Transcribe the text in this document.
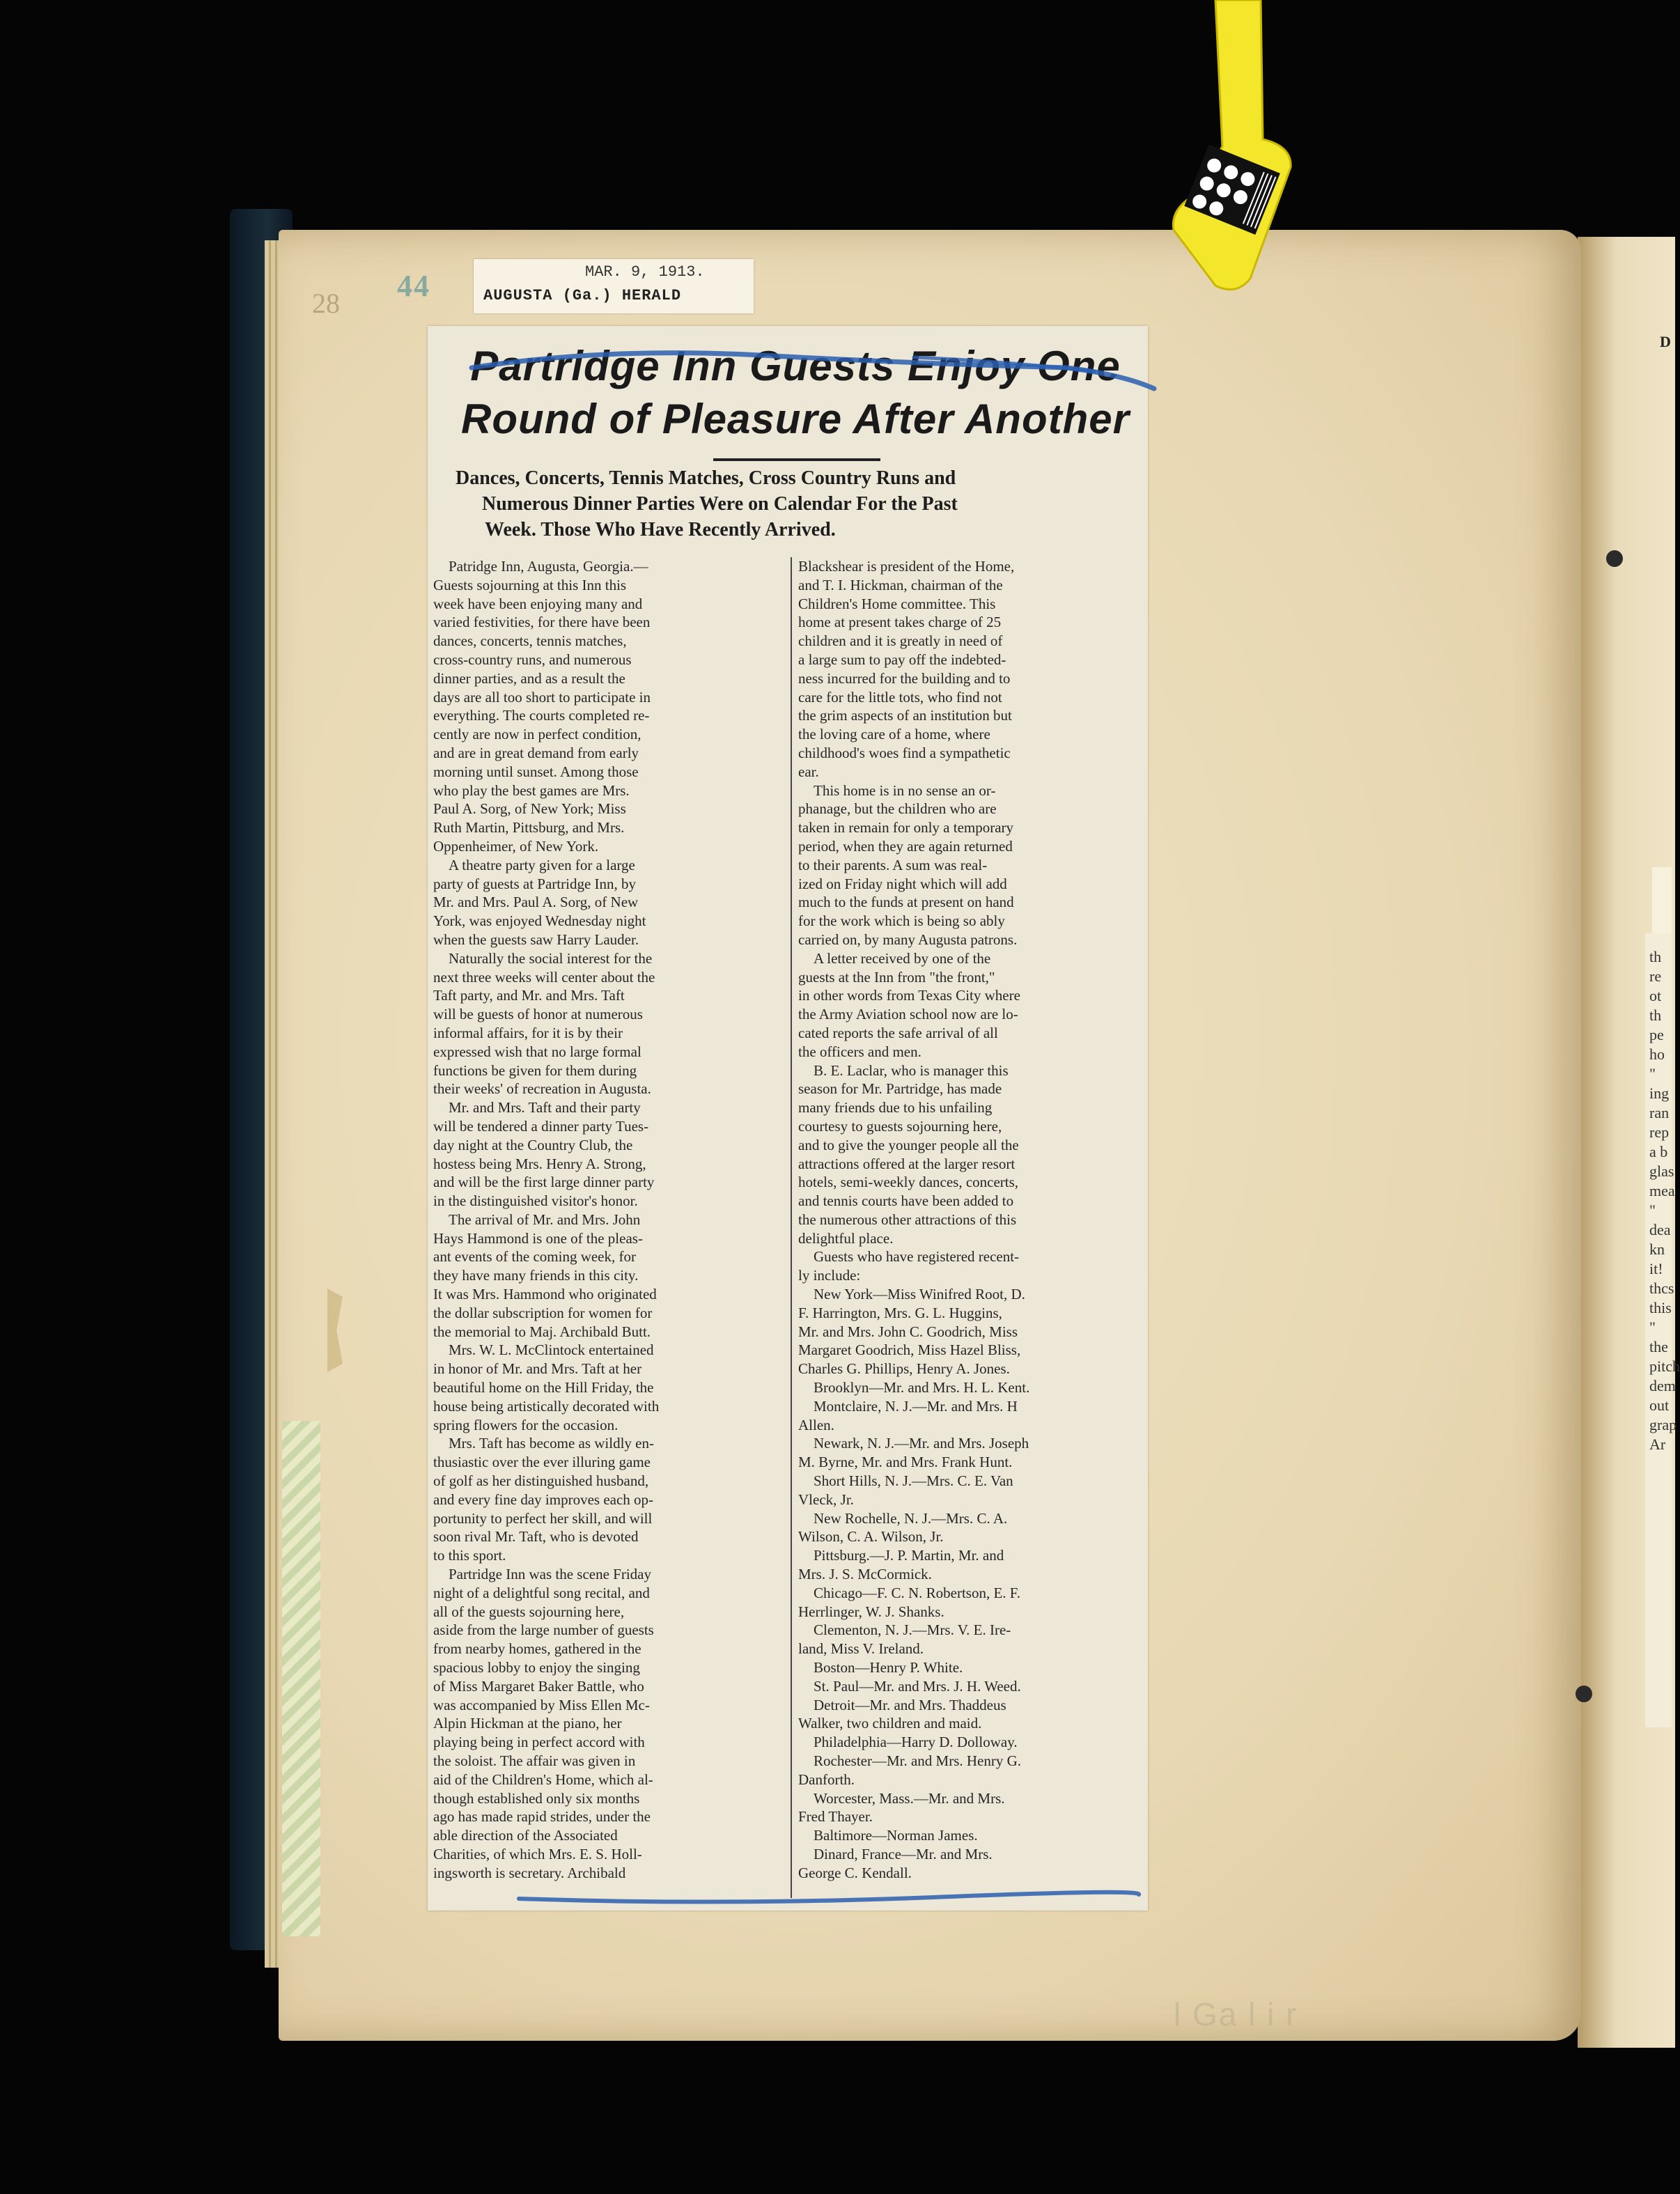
D
th
re
ot
th
pe
ho
"
ing
ran
rep
a b
glas
mea
"
dea
kn
it!
thcs
this
"
the
pitch
dem
out
grap
Ar
28
44	MAR. 9, 1913.
AUGUSTA (Ga.) HERALD
Partridge Inn Guests Enjoy One
Round of Pleasure After Another
Dances, Concerts, Tennis Matches, Cross Country Runs and
Numerous Dinner Parties Were on Calendar For the Past
Week. Those Who Have Recently Arrived.
Patridge Inn, Augusta, Georgia.—
Guests sojourning at this Inn this
week have been enjoying many and
varied festivities, for there have been
dances, concerts, tennis matches,
cross-country runs, and numerous
dinner parties, and as a result the
days are all too short to participate in
everything. The courts completed re-
cently are now in perfect condition,
and are in great demand from early
morning until sunset. Among those
who play the best games are Mrs.
Paul A. Sorg, of New York; Miss
Ruth Martin, Pittsburg, and Mrs.
Oppenheimer, of New York.
A theatre party given for a large
party of guests at Partridge Inn, by
Mr. and Mrs. Paul A. Sorg, of New
York, was enjoyed Wednesday night
when the guests saw Harry Lauder.
Naturally the social interest for the
next three weeks will center about the
Taft party, and Mr. and Mrs. Taft
will be guests of honor at numerous
informal affairs, for it is by their
expressed wish that no large formal
functions be given for them during
their weeks' of recreation in Augusta.
Mr. and Mrs. Taft and their party
will be tendered a dinner party Tues-
day night at the Country Club, the
hostess being Mrs. Henry A. Strong,
and will be the first large dinner party
in the distinguished visitor's honor.
The arrival of Mr. and Mrs. John
Hays Hammond is one of the pleas-
ant events of the coming week, for
they have many friends in this city.
It was Mrs. Hammond who originated
the dollar subscription for women for
the memorial to Maj. Archibald Butt.
Mrs. W. L. McClintock entertained
in honor of Mr. and Mrs. Taft at her
beautiful home on the Hill Friday, the
house being artistically decorated with
spring flowers for the occasion.
Mrs. Taft has become as wildly en-
thusiastic over the ever illuring game
of golf as her distinguished husband,
and every fine day improves each op-
portunity to perfect her skill, and will
soon rival Mr. Taft, who is devoted
to this sport.
Partridge Inn was the scene Friday
night of a delightful song recital, and
all of the guests sojourning here,
aside from the large number of guests
from nearby homes, gathered in the
spacious lobby to enjoy the singing
of Miss Margaret Baker Battle, who
was accompanied by Miss Ellen Mc-
Alpin Hickman at the piano, her
playing being in perfect accord with
the soloist. The affair was given in
aid of the Children's Home, which al-
though established only six months
ago has made rapid strides, under the
able direction of the Associated
Charities, of which Mrs. E. S. Holl-
ingsworth is secretary. Archibald
Blackshear is president of the Home,
and T. I. Hickman, chairman of the
Children's Home committee. This
home at present takes charge of 25
children and it is greatly in need of
a large sum to pay off the indebted-
ness incurred for the building and to
care for the little tots, who find not
the grim aspects of an institution but
the loving care of a home, where
childhood's woes find a sympathetic
ear.
This home is in no sense an or-
phanage, but the children who are
taken in remain for only a temporary
period, when they are again returned
to their parents. A sum was real-
ized on Friday night which will add
much to the funds at present on hand
for the work which is being so ably
carried on, by many Augusta patrons.
A letter received by one of the
guests at the Inn from "the front,"
in other words from Texas City where
the Army Aviation school now are lo-
cated reports the safe arrival of all
the officers and men.
B. E. Laclar, who is manager this
season for Mr. Partridge, has made
many friends due to his unfailing
courtesy to guests sojourning here,
and to give the younger people all the
attractions offered at the larger resort
hotels, semi-weekly dances, concerts,
and tennis courts have been added to
the numerous other attractions of this
delightful place.
Guests who have registered recent-
ly include:
New York—Miss Winifred Root, D.
F. Harrington, Mrs. G. L. Huggins,
Mr. and Mrs. John C. Goodrich, Miss
Margaret Goodrich, Miss Hazel Bliss,
Charles G. Phillips, Henry A. Jones.
Brooklyn—Mr. and Mrs. H. L. Kent.
Montclaire, N. J.—Mr. and Mrs. H
Allen.
Newark, N. J.—Mr. and Mrs. Joseph
M. Byrne, Mr. and Mrs. Frank Hunt.
Short Hills, N. J.—Mrs. C. E. Van
Vleck, Jr.
New Rochelle, N. J.—Mrs. C. A.
Wilson, C. A. Wilson, Jr.
Pittsburg.—J. P. Martin, Mr. and
Mrs. J. S. McCormick.
Chicago—F. C. N. Robertson, E. F.
Herrlinger, W. J. Shanks.
Clementon, N. J.—Mrs. V. E. Ire-
land, Miss V. Ireland.
Boston—Henry P. White.
St. Paul—Mr. and Mrs. J. H. Weed.
Detroit—Mr. and Mrs. Thaddeus
Walker, two children and maid.
Philadelphia—Harry D. Dolloway.
Rochester—Mr. and Mrs. Henry G.
Danforth.
Worcester, Mass.—Mr. and Mrs.
Fred Thayer.
Baltimore—Norman James.
Dinard, France—Mr. and Mrs.
George C. Kendall.
l Ga l i r
